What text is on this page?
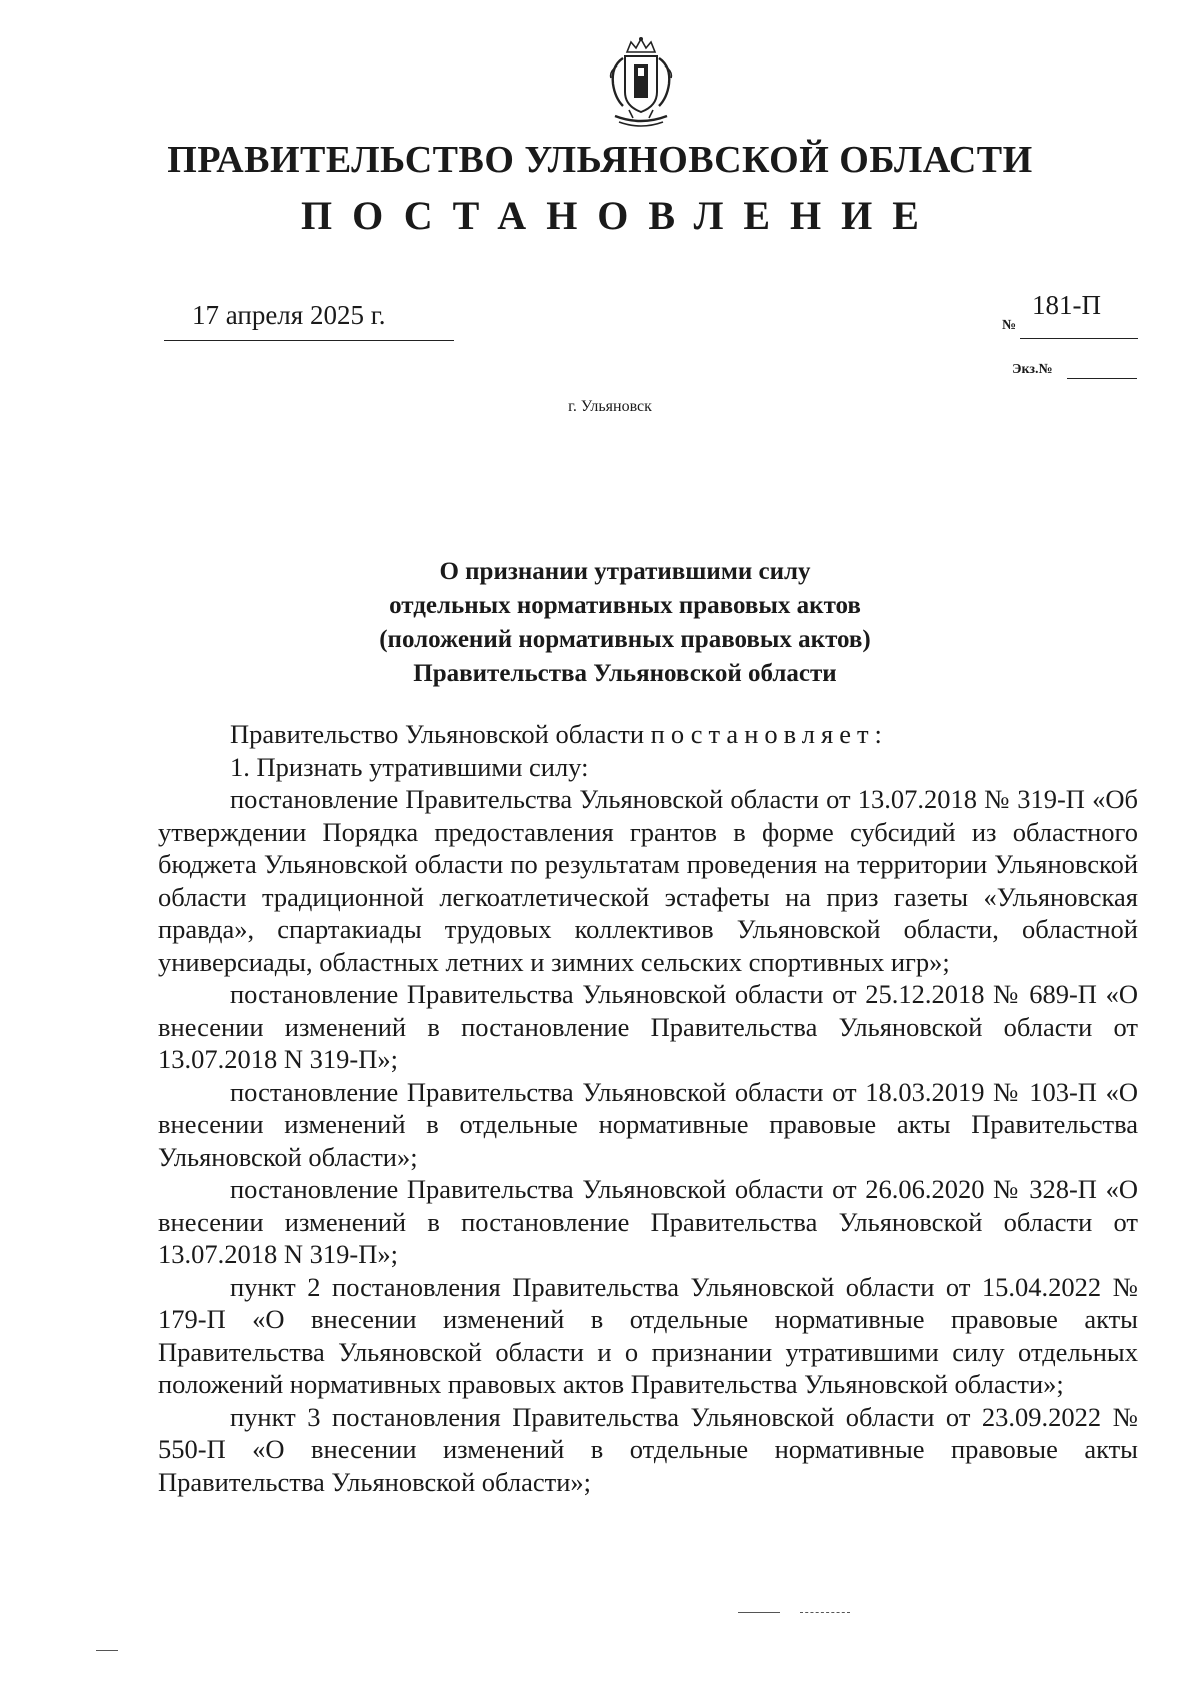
ПРАВИТЕЛЬСТВО УЛЬЯНОВСКОЙ ОБЛАСТИ
ПОСТАНОВЛЕНИЕ
17 апреля 2025 г.	№
181-П
Экз.№
г. Ульяновск
О признании утратившими силу
отдельных нормативных правовых актов
(положений нормативных правовых актов)
Правительства Ульяновской области

Правительство Ульяновской области постановляет:

1. Признать утратившими силу:

постановление Правительства Ульяновской области от 13.07.2018 № 319-П «Об утверждении Порядка предоставления грантов в форме субсидий из областного бюджета Ульяновской области по результатам проведения на территории Ульяновской области традиционной легкоатлетической эстафеты на приз газеты «Ульяновская правда», спартакиады трудовых коллективов Ульяновской области, областной универсиады, областных летних и зимних сельских спортивных игр»;

постановление Правительства Ульяновской области от 25.12.2018 № 689-П «О внесении изменений в постановление Правительства Ульяновской области от 13.07.2018 N 319-П»;

постановление Правительства Ульяновской области от 18.03.2019 № 103-П «О внесении изменений в отдельные нормативные правовые акты Правительства Ульяновской области»;

постановление Правительства Ульяновской области от 26.06.2020 № 328-П «О внесении изменений в постановление Правительства Ульяновской области от 13.07.2018 N 319-П»;

пункт 2 постановления Правительства Ульяновской области от 15.04.2022 № 179-П «О внесении изменений в отдельные нормативные правовые акты Правительства Ульяновской области и о признании утратившими силу отдельных положений нормативных правовых актов Правительства Ульяновской области»;

пункт 3 постановления Правительства Ульяновской области от 23.09.2022 № 550-П «О внесении изменений в отдельные нормативные правовые акты Правительства Ульяновской области»;
